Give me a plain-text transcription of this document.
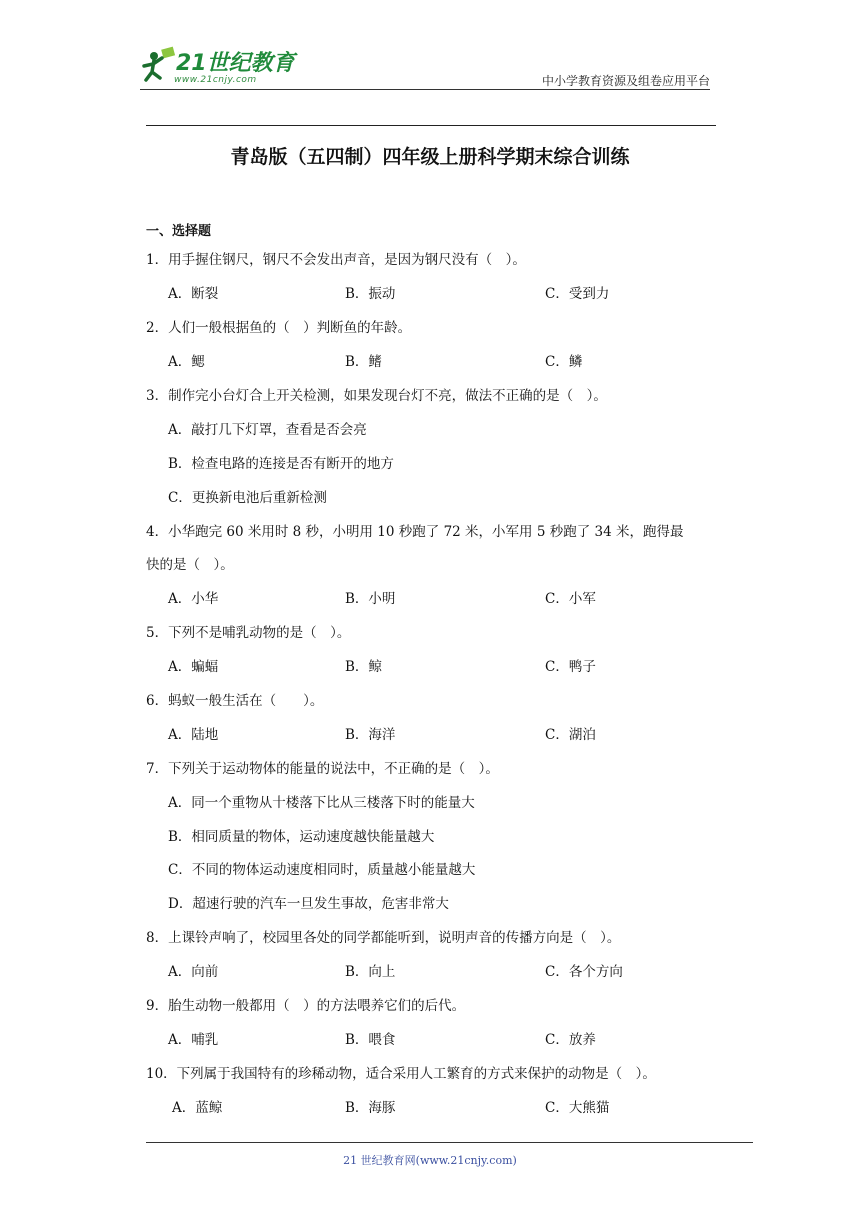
21世纪教育
www.21cnjy.com	中小学教育资源及组卷应用平台
青岛版（五四制）四年级上册科学期末综合训练
一、选择题
1．用手握住钢尺，钢尺不会发出声音，是因为钢尺没有（　）。
A．断裂	B．振动	C．受到力
2．人们一般根据鱼的（　）判断鱼的年龄。
A．鳃	B．鳍	C．鳞
3．制作完小台灯合上开关检测，如果发现台灯不亮，做法不正确的是（　）。
A．敲打几下灯罩，查看是否会亮
B．检查电路的连接是否有断开的地方
C．更换新电池后重新检测
4．小华跑完 60 米用时 8 秒，小明用 10 秒跑了 72 米，小军用 5 秒跑了 34 米，跑得最
快的是（　）。
A．小华	B．小明	C．小军
5．下列不是哺乳动物的是（　）。
A．蝙蝠	B．鲸	C．鸭子
6．蚂蚁一般生活在（　　）。
A．陆地	B．海洋	C．湖泊
7．下列关于运动物体的能量的说法中，不正确的是（　）。
A．同一个重物从十楼落下比从三楼落下时的能量大
B．相同质量的物体，运动速度越快能量越大
C．不同的物体运动速度相同时，质量越小能量越大
D．超速行驶的汽车一旦发生事故，危害非常大
8．上课铃声响了，校园里各处的同学都能听到，说明声音的传播方向是（　）。
A．向前	B．向上	C．各个方向
9．胎生动物一般都用（　）的方法喂养它们的后代。
A．哺乳	B．喂食	C．放养
10．下列属于我国特有的珍稀动物，适合采用人工繁育的方式来保护的动物是（　）。
A．蓝鲸	B．海豚	C．大熊猫
21 世纪教育网(www.21cnjy.com)
